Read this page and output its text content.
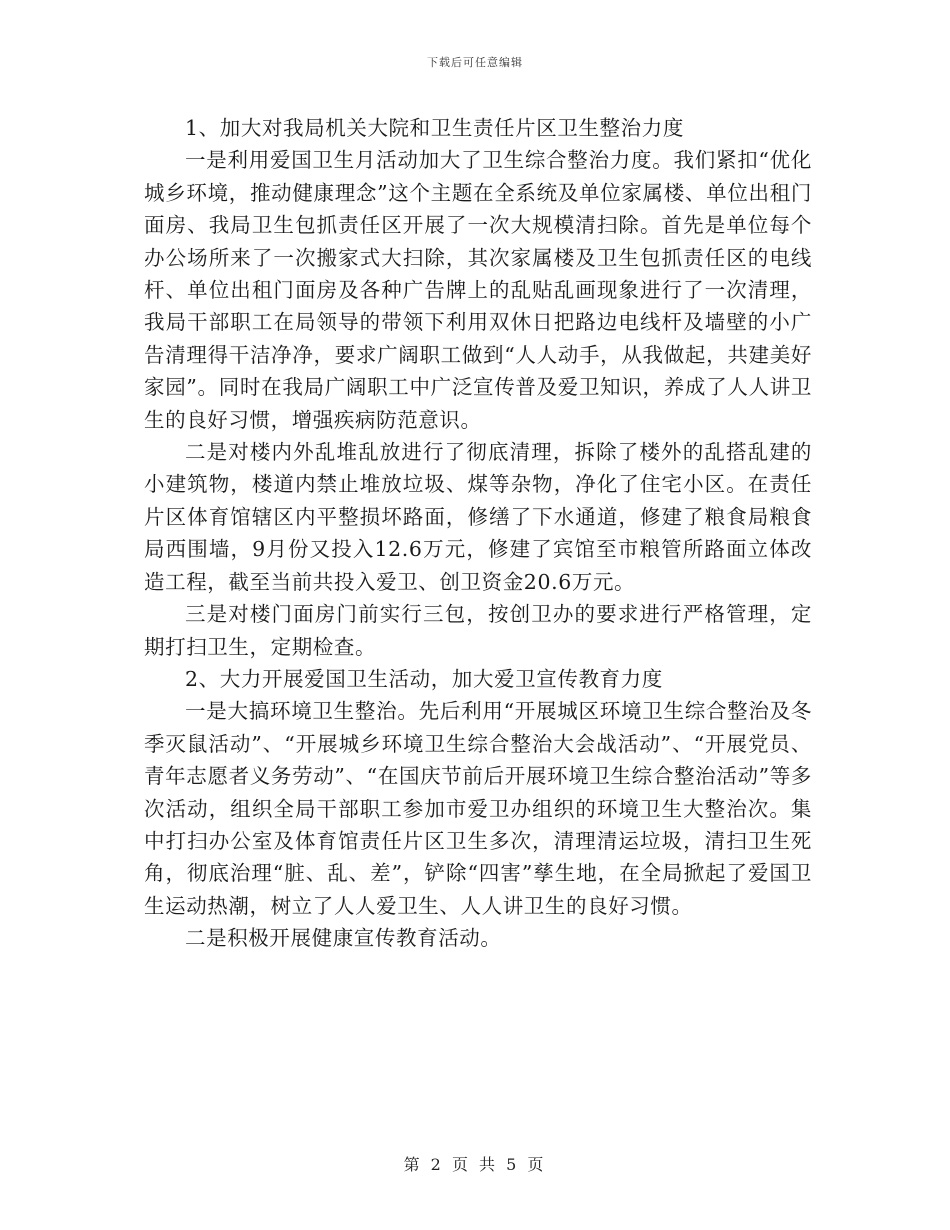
下载后可任意编辑

1、加大对我局机关大院和卫生责任片区卫生整治力度

一是利用爱国卫生月活动加大了卫生综合整治力度。我们紧扣“优化城乡环境，推动健康理念”这个主题在全系统及单位家属楼、单位出租门面房、我局卫生包抓责任区开展了一次大规模清扫除。首先是单位每个办公场所来了一次搬家式大扫除，其次家属楼及卫生包抓责任区的电线杆、单位出租门面房及各种广告牌上的乱贴乱画现象进行了一次清理，我局干部职工在局领导的带领下利用双休日把路边电线杆及墙壁的小广告清理得干洁净净，要求广阔职工做到“人人动手，从我做起，共建美好家园”。同时在我局广阔职工中广泛宣传普及爱卫知识，养成了人人讲卫生的良好习惯，增强疾病防范意识。

二是对楼内外乱堆乱放进行了彻底清理，拆除了楼外的乱搭乱建的小建筑物，楼道内禁止堆放垃圾、煤等杂物，净化了住宅小区。在责任片区体育馆辖区内平整损坏路面，修缮了下水通道，修建了粮食局粮食局西围墙，9月份又投入12.6万元，修建了宾馆至市粮管所路面立体改造工程，截至当前共投入爱卫、创卫资金20.6万元。

三是对楼门面房门前实行三包，按创卫办的要求进行严格管理，定期打扫卫生，定期检查。

2、大力开展爱国卫生活动，加大爱卫宣传教育力度

一是大搞环境卫生整治。先后利用“开展城区环境卫生综合整治及冬季灭鼠活动”、“开展城乡环境卫生综合整治大会战活动”、“开展党员、青年志愿者义务劳动”、“在国庆节前后开展环境卫生综合整治活动”等多次活动，组织全局干部职工参加市爱卫办组织的环境卫生大整治次。集中打扫办公室及体育馆责任片区卫生多次，清理清运垃圾，清扫卫生死角，彻底治理“脏、乱、差”，铲除“四害”孳生地，在全局掀起了爱国卫生运动热潮，树立了人人爱卫生、人人讲卫生的良好习惯。

二是积极开展健康宣传教育活动。

第 2 页 共 5 页
